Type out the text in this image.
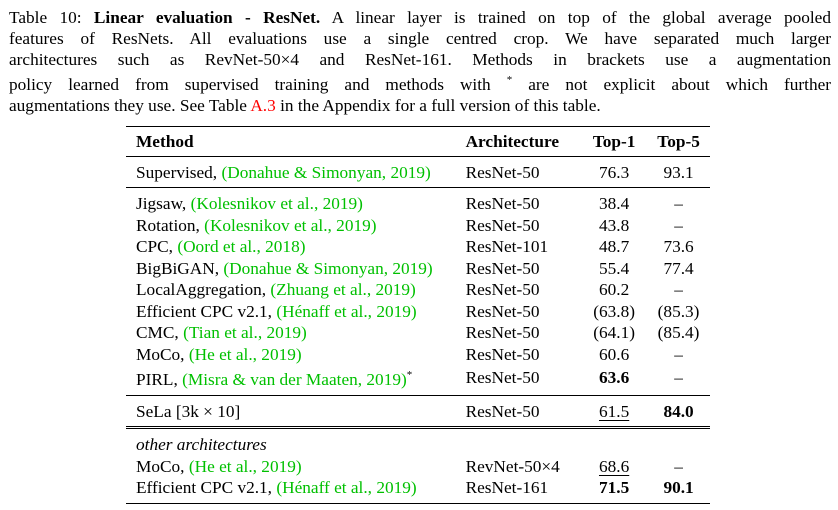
Table 10: Linear evaluation - ResNet. A linear layer is trained on top of the global average pooled
features of ResNets. All evaluations use a single centred crop. We have separated much larger
architectures such as RevNet-50×4 and ResNet-161. Methods in brackets use a augmentation
policy learned from supervised training and methods with * are not explicit about which further
augmentations they use. See Table A.3 in the Appendix for a full version of this table.
Method	Architecture	Top-1	Top-5
Supervised, (Donahue & Simonyan, 2019)	ResNet-50	76.3	93.1
Jigsaw, (Kolesnikov et al., 2019)	ResNet-50	38.4	–
Rotation, (Kolesnikov et al., 2019)	ResNet-50	43.8	–
CPC, (Oord et al., 2018)	ResNet-101	48.7	73.6
BigBiGAN, (Donahue & Simonyan, 2019)	ResNet-50	55.4	77.4
LocalAggregation, (Zhuang et al., 2019)	ResNet-50	60.2	–
Efficient CPC v2.1, (Hénaff et al., 2019)	ResNet-50	(63.8)	(85.3)
CMC, (Tian et al., 2019)	ResNet-50	(64.1)	(85.4)
MoCo, (He et al., 2019)	ResNet-50	60.6	–
PIRL, (Misra & van der Maaten, 2019)*	ResNet-50	63.6	–
SeLa [3k × 10]	ResNet-50	61.5	84.0
other architectures			
MoCo, (He et al., 2019)	RevNet-50×4	68.6	–
Efficient CPC v2.1, (Hénaff et al., 2019)	ResNet-161	71.5	90.1
